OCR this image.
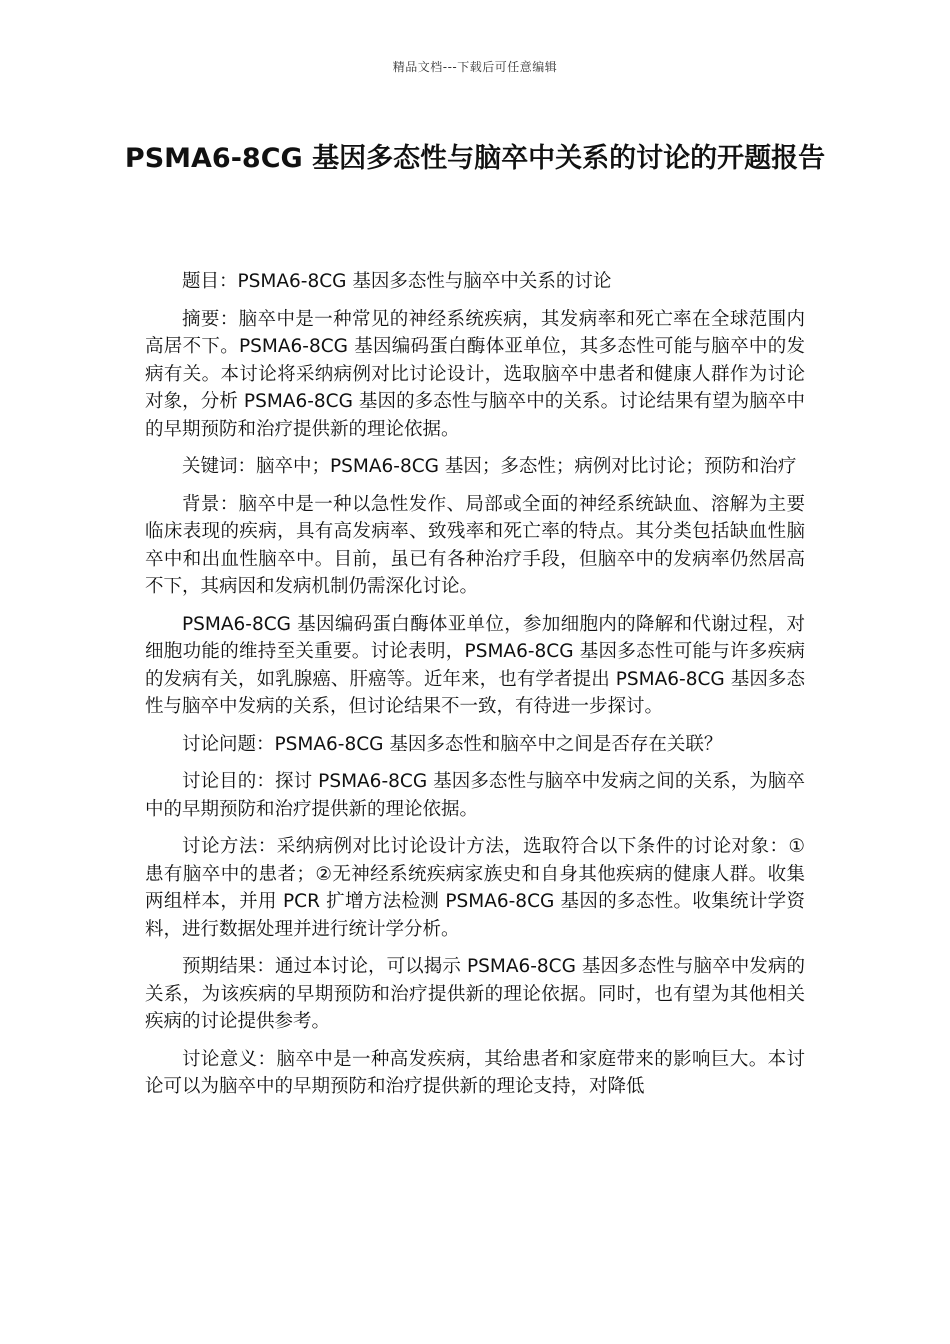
精品文档---下载后可任意编辑
PSMA6-8CG 基因多态性与脑卒中关系的讨论的开题报告

题目：PSMA6-8CG 基因多态性与脑卒中关系的讨论

摘要：脑卒中是一种常见的神经系统疾病，其发病率和死亡率在全球范围内高居不下。PSMA6-8CG 基因编码蛋白酶体亚单位，其多态性可能与脑卒中的发病有关。本讨论将采纳病例对比讨论设计，选取脑卒中患者和健康人群作为讨论对象，分析 PSMA6-8CG 基因的多态性与脑卒中的关系。讨论结果有望为脑卒中的早期预防和治疗提供新的理论依据。

关键词：脑卒中；PSMA6-8CG 基因；多态性；病例对比讨论；预防和治疗

背景：脑卒中是一种以急性发作、局部或全面的神经系统缺血、溶解为主要临床表现的疾病，具有高发病率、致残率和死亡率的特点。其分类包括缺血性脑卒中和出血性脑卒中。目前，虽已有各种治疗手段，但脑卒中的发病率仍然居高不下，其病因和发病机制仍需深化讨论。

PSMA6-8CG 基因编码蛋白酶体亚单位，参加细胞内的降解和代谢过程，对细胞功能的维持至关重要。讨论表明，PSMA6-8CG 基因多态性可能与许多疾病的发病有关，如乳腺癌、肝癌等。近年来，也有学者提出 PSMA6-8CG 基因多态性与脑卒中发病的关系，但讨论结果不一致，有待进一步探讨。

讨论问题：PSMA6-8CG 基因多态性和脑卒中之间是否存在关联？

讨论目的：探讨 PSMA6-8CG 基因多态性与脑卒中发病之间的关系，为脑卒中的早期预防和治疗提供新的理论依据。

讨论方法：采纳病例对比讨论设计方法，选取符合以下条件的讨论对象：①患有脑卒中的患者；②无神经系统疾病家族史和自身其他疾病的健康人群。收集两组样本，并用 PCR 扩增方法检测 PSMA6-8CG 基因的多态性。收集统计学资料，进行数据处理并进行统计学分析。

预期结果：通过本讨论，可以揭示 PSMA6-8CG 基因多态性与脑卒中发病的关系，为该疾病的早期预防和治疗提供新的理论依据。同时，也有望为其他相关疾病的讨论提供参考。

讨论意义：脑卒中是一种高发疾病，其给患者和家庭带来的影响巨大。本讨论可以为脑卒中的早期预防和治疗提供新的理论支持，对降低
